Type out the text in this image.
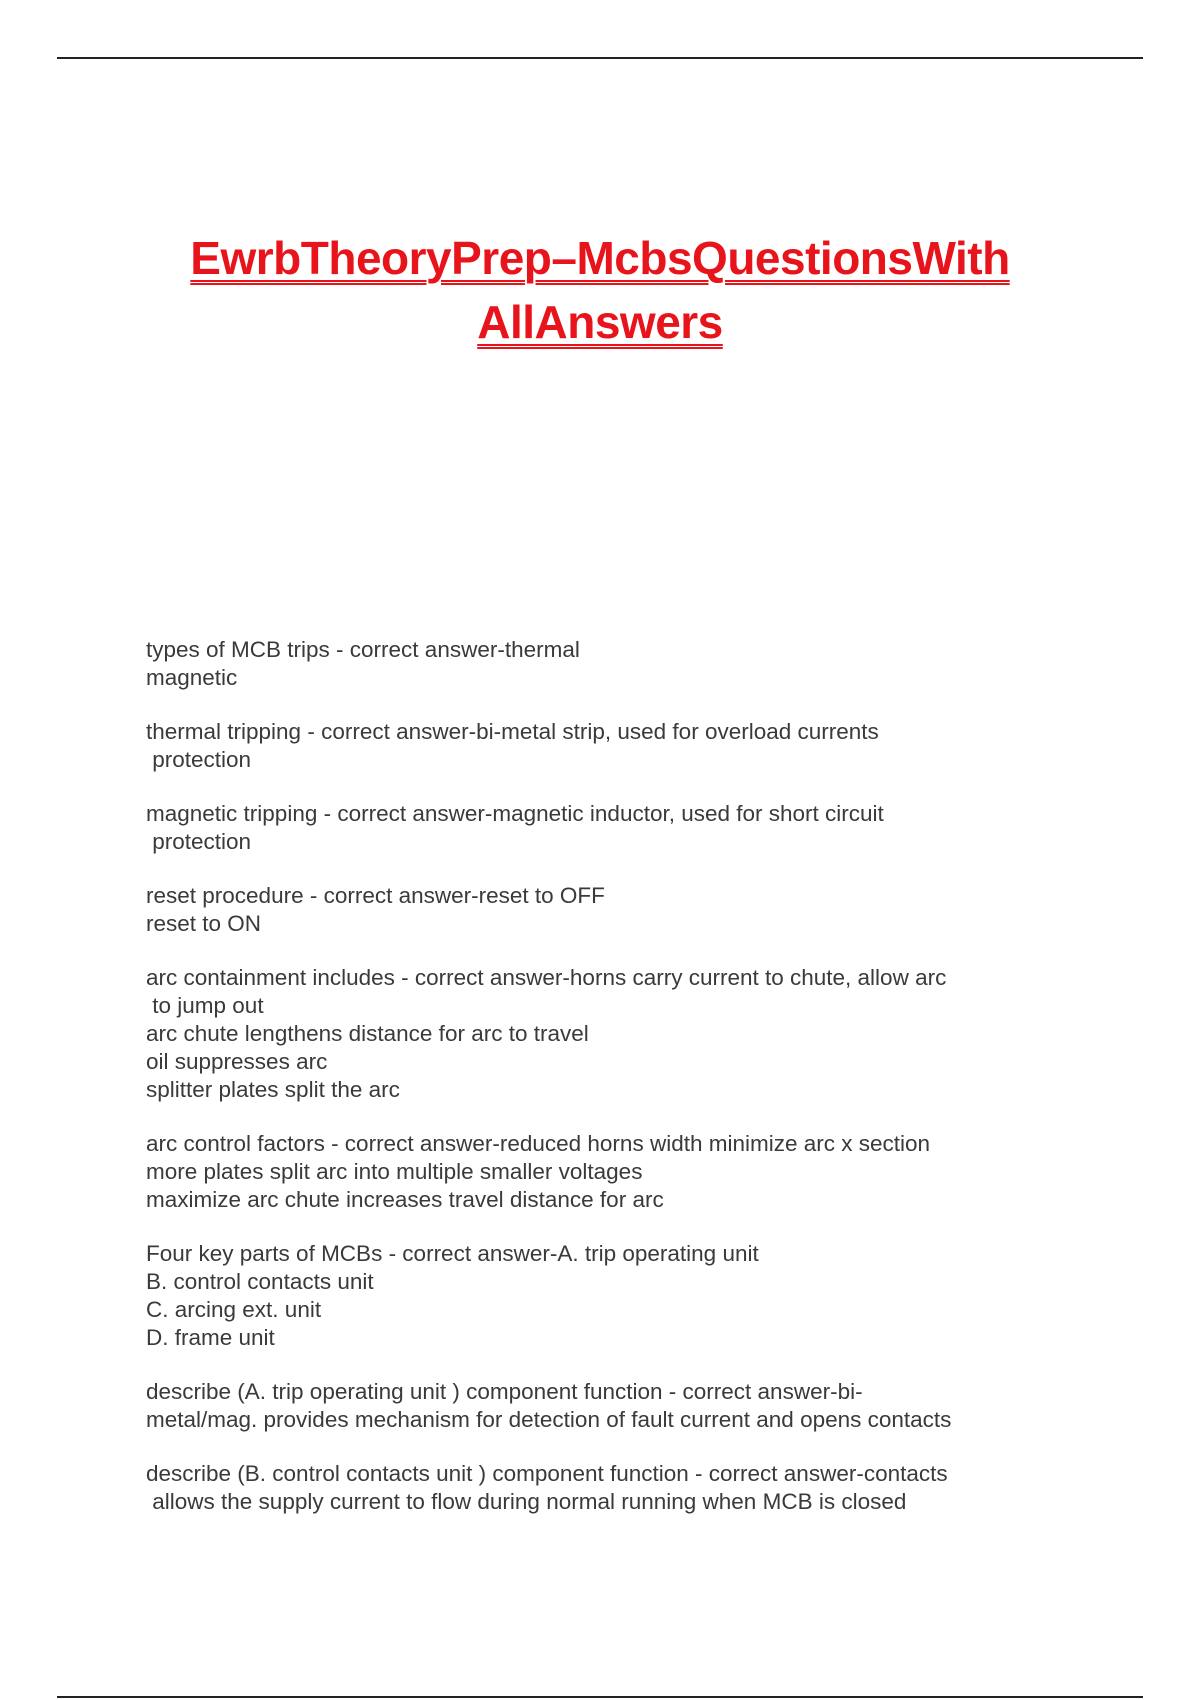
EwrbTheoryPrep–McbsQuestionsWith
AllAnswers
types of MCB trips - correct answer-thermal
magnetic
thermal tripping - correct answer-bi-metal strip, used for overload currents
protection
magnetic tripping - correct answer-magnetic inductor, used for short circuit
protection
reset procedure - correct answer-reset to OFF
reset to ON
arc containment includes - correct answer-horns carry current to chute, allow arc
to jump out
arc chute lengthens distance for arc to travel
oil suppresses arc
splitter plates split the arc
arc control factors - correct answer-reduced horns width minimize arc x section
more plates split arc into multiple smaller voltages
maximize arc chute increases travel distance for arc
Four key parts of MCBs - correct answer-A. trip operating unit
B. control contacts unit
C. arcing ext. unit
D. frame unit
describe (A. trip operating unit ) component function - correct answer-bi-
metal/mag. provides mechanism for detection of fault current and opens contacts
describe (B. control contacts unit ) component function - correct answer-contacts
allows the supply current to flow during normal running when MCB is closed
